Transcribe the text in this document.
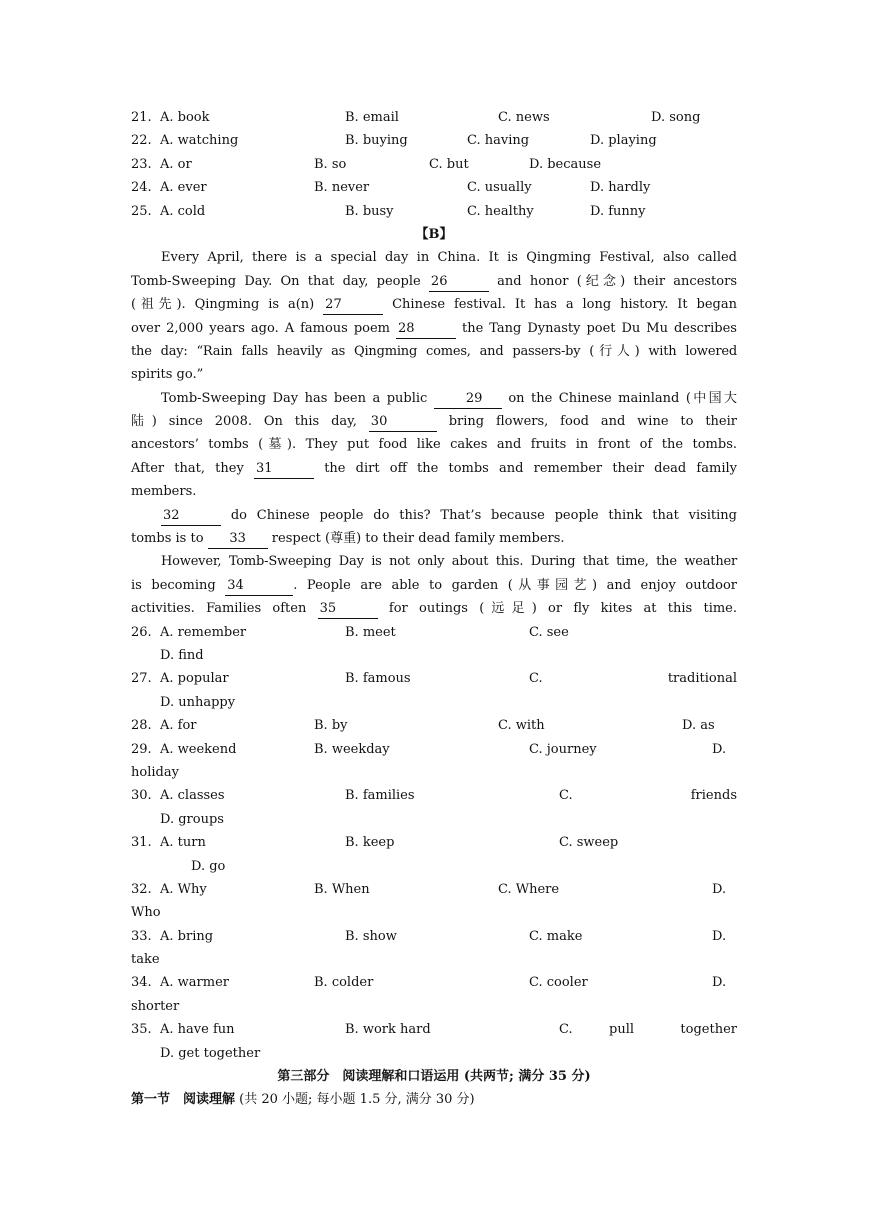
21. A. book	B. email	C. news	D. song
22. A. watching	B. buying	C. having	D. playing
23. A. or	B. so	C. but	D. because
24. A. ever	B. never	C. usually	D. hardly
25. A. cold	B. busy	C. healthy	D. funny
【B】
Every April, there is a special day in China. It is Qingming Festival, also called
Tomb-Sweeping Day. On that day, people 26	and honor (纪念) their ancestors
(祖先). Qingming is a(n) 27	Chinese festival. It has a long history. It began
over 2,000 years ago. A famous poem 28	the Tang Dynasty poet Du Mu describes
the day: “Rain falls heavily as Qingming comes, and passers-by (行人) with lowered
spirits go.”
Tomb-Sweeping Day has been a public	29 on the Chinese mainland (中国大
陆) since 2008. On this day, 30	bring flowers, food and wine to their
ancestors’ tombs (墓). They put food like cakes and fruits in front of the tombs.
After that, they 31	the dirt off the tombs and remember their dead family
members.
32	do Chinese people do this? That’s because people think that visiting
tombs is to 33 respect (尊重) to their dead family members.
However, Tomb-Sweeping Day is not only about this. During that time, the weather
is becoming 34	. People are able to garden (从事园艺) and enjoy outdoor
activities. Families often 35	for outings (远足) or fly kites at this time.
26. A. remember	B. meet	C. see
D. find
27. A. popular	B. famous	C.	traditional
D. unhappy
28. A. for	B. by	C. with	D. as
29. A. weekend	B. weekday	C. journey	D.
holiday
30. A. classes	B. families	C.	friends
D. groups
31. A. turn	B. keep	C. sweep
D. go
32. A. Why	B. When	C. Where	D.
Who
33. A. bring	B. show	C. make	D.
take
34. A. warmer	B. colder	C. cooler	D.
shorter
35. A. have fun	B. work hard	C.	pull	together
D. get together
第三部分　阅读理解和口语运用 (共两节; 满分 35 分)
第一节　阅读理解 (共 20 小题; 每小题 1.5 分, 满分 30 分)
